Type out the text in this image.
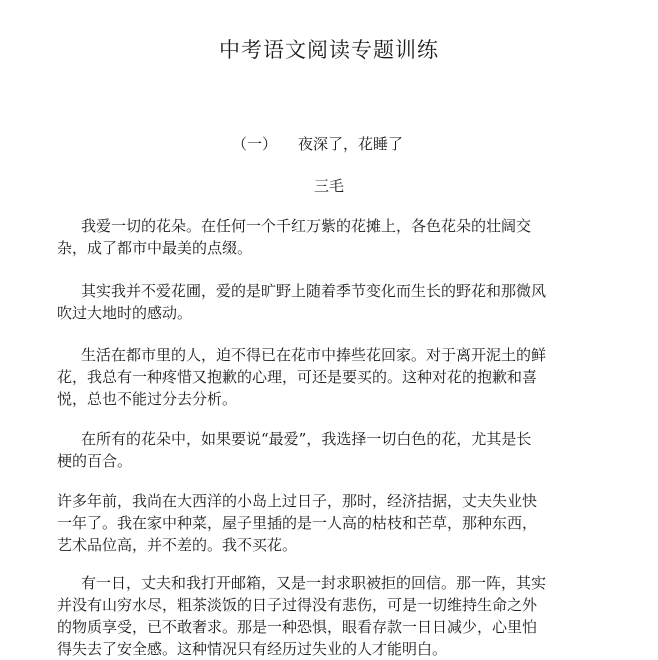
中考语文阅读专题训练
（一） 夜深了，花睡了
三毛
我爱一切的花朵。在任何一个千红万紫的花摊上，各色花朵的壮阔交
杂，成了都市中最美的点缀。
其实我并不爱花圃，爱的是旷野上随着季节变化而生长的野花和那微风
吹过大地时的感动。
生活在都市里的人，迫不得已在花市中捧些花回家。对于离开泥土的鲜
花，我总有一种疼惜又抱歉的心理，可还是要买的。这种对花的抱歉和喜
悦，总也不能过分去分析。
在所有的花朵中，如果要说“最爱”，我选择一切白色的花，尤其是长
梗的百合。
许多年前，我尚在大西洋的小岛上过日子，那时，经济拮据，丈夫失业快
一年了。我在家中种菜，屋子里插的是一人高的枯枝和芒草，那种东西，
艺术品位高，并不差的。我不买花。
有一日，丈夫和我打开邮箱，又是一封求职被拒的回信。那一阵，其实
并没有山穷水尽，粗茶淡饭的日子过得没有悲伤，可是一切维持生命之外
的物质享受，已不敢奢求。那是一种恐惧，眼看存款一日日减少，心里怕
得失去了安全感。这种情况只有经历过失业的人才能明白。
